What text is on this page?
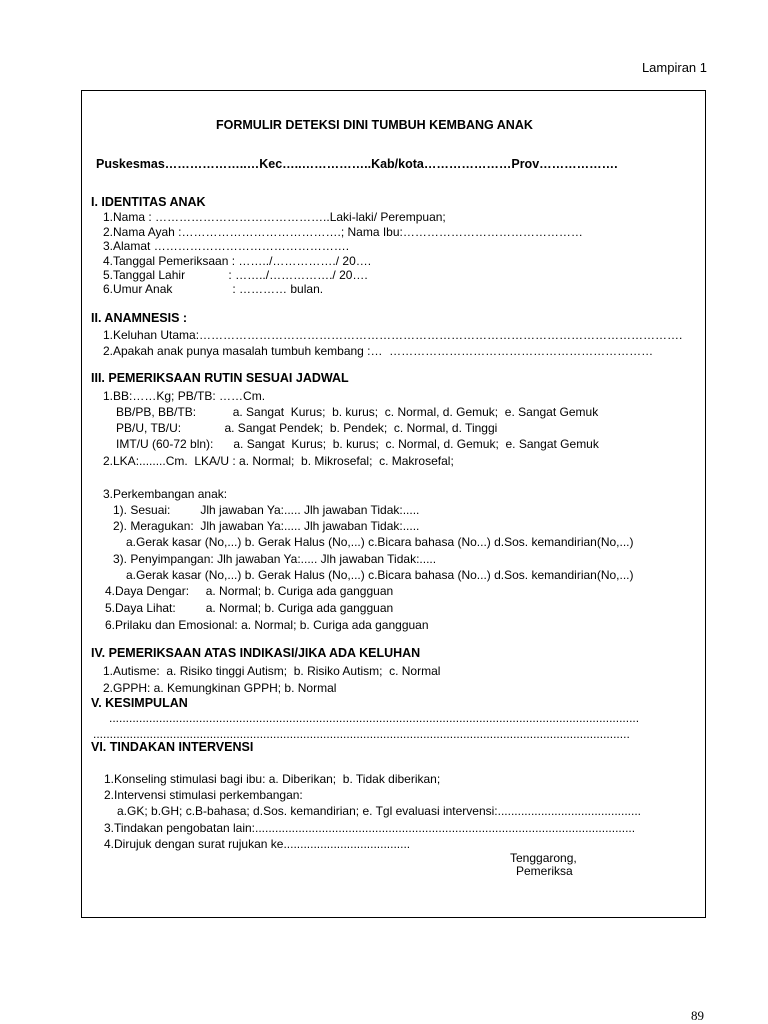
Lampiran 1
FORMULIR DETEKSI DINI TUMBUH KEMBANG ANAK
Puskesmas………………..…Kec…..……………..Kab/kota…………………Prov……………….
I. IDENTITAS ANAK
1.Nama : ……………………………………..Laki-laki/ Perempuan;
2.Nama Ayah :………………………………….; Nama Ibu:………………………………………
3.Alamat ………………………………………….
4.Tanggal Pemeriksaan : ……../……………./ 20….
5.Tanggal Lahir             : ……../……………./ 20….
6.Umur Anak                  : ………… bulan.
II. ANAMNESIS :
1.Keluhan Utama:………………………………………………………………………………………………………….
2.Apakah anak punya masalah tumbuh kembang :…  …………………………………………………………
III. PEMERIKSAAN RUTIN SESUAI JADWAL
1.BB:……Kg; PB/TB: ……Cm.
BB/PB, BB/TB:           a. Sangat  Kurus;  b. kurus;  c. Normal, d. Gemuk;  e. Sangat Gemuk
PB/U, TB/U:             a. Sangat Pendek;  b. Pendek;  c. Normal, d. Tinggi
IMT/U (60-72 bln):      a. Sangat  Kurus;  b. kurus;  c. Normal, d. Gemuk;  e. Sangat Gemuk
2.LKA:........Cm.  LKA/U : a. Normal;  b. Mikrosefal;  c. Makrosefal;
3.Perkembangan anak:
1). Sesuai:         Jlh jawaban Ya:..... Jlh jawaban Tidak:.....
2). Meragukan:  Jlh jawaban Ya:..... Jlh jawaban Tidak:.....
a.Gerak kasar (No,...) b. Gerak Halus (No,...) c.Bicara bahasa (No...) d.Sos. kemandirian(No,...)
3). Penyimpangan: Jlh jawaban Ya:..... Jlh jawaban Tidak:.....
a.Gerak kasar (No,...) b. Gerak Halus (No,...) c.Bicara bahasa (No...) d.Sos. kemandirian(No,...)
4.Daya Dengar:     a. Normal; b. Curiga ada gangguan
5.Daya Lihat:         a. Normal; b. Curiga ada gangguan
6.Prilaku dan Emosional: a. Normal; b. Curiga ada gangguan
IV. PEMERIKSAAN ATAS INDIKASI/JIKA ADA KELUHAN
1.Autisme:  a. Risiko tinggi Autism;  b. Risiko Autism;  c. Normal
2.GPPH: a. Kemungkinan GPPH; b. Normal
V. KESIMPULAN
...............................................................................................................................................................
.................................................................................................................................................................
VI. TINDAKAN INTERVENSI
1.Konseling stimulasi bagi ibu: a. Diberikan;  b. Tidak diberikan;
2.Intervensi stimulasi perkembangan:
a.GK; b.GH; c.B-bahasa; d.Sos. kemandirian; e. Tgl evaluasi intervensi:...........................................
3.Tindakan pengobatan lain:..................................................................................................................
4.Dirujuk dengan surat rujukan ke......................................
Tenggarong,
Pemeriksa
89
